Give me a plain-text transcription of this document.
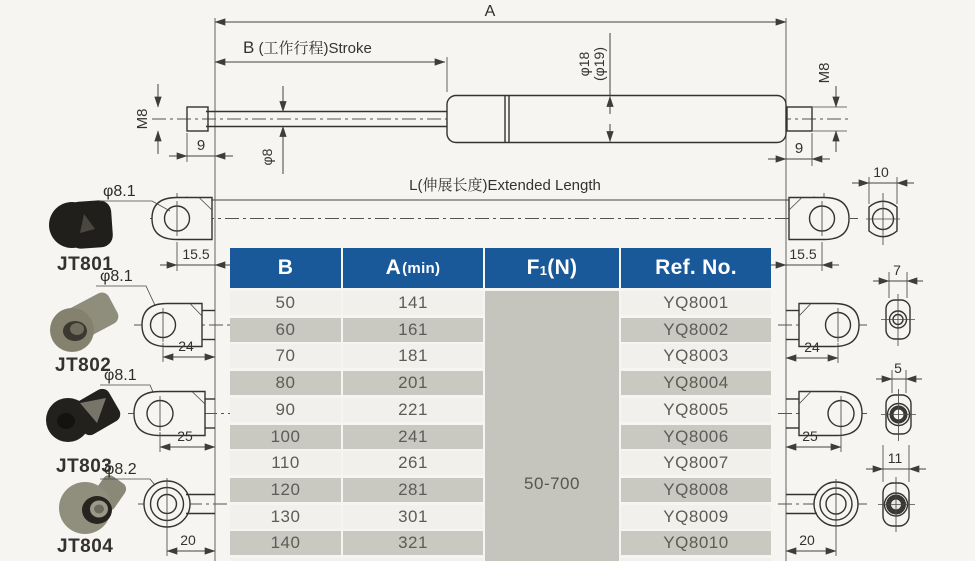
A
B (工作行程)Stroke
M8
9
φ8
φ18 (φ19)	M8
9
L(伸展长度)Extended Length
15.5	15.5
10
JT801
φ8.1
JT802
φ8.1
24
JT803
φ8.1
25
JT804
φ8.2
20
24
7
25
5
20
11
B	A (min)	$F_1$ (N)	Ref. No.
50-700
50	141	YQ8001
60	161	YQ8002
70	181	YQ8003
80	201	YQ8004
90	221	YQ8005
100	241	YQ8006
110	261	YQ8007
120	281	YQ8008
130	301	YQ8009
140	321	YQ8010
